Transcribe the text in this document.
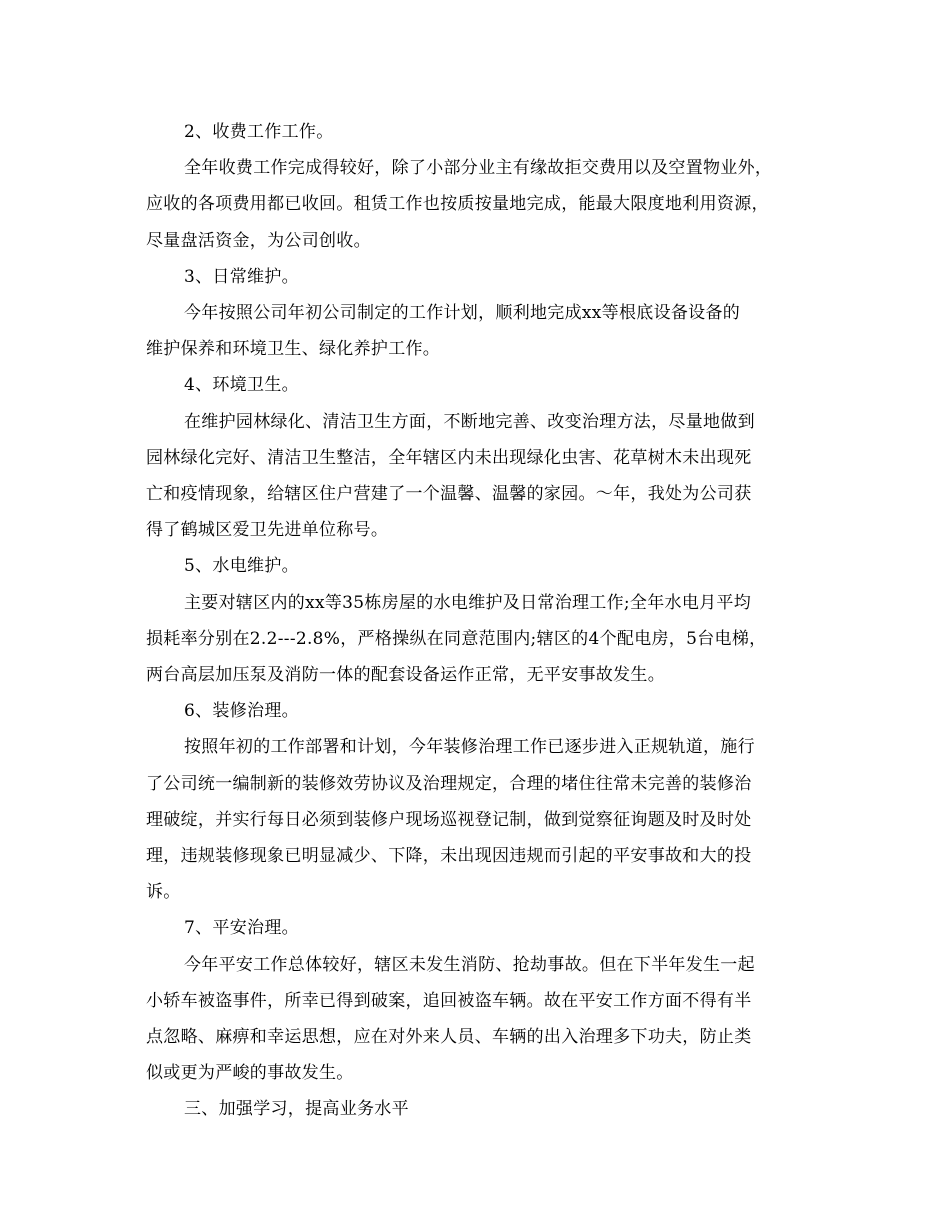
2、收费工作工作。

全年收费工作完成得较好，除了小部分业主有缘故拒交费用以及空置物业外，
应收的各项费用都已收回。租赁工作也按质按量地完成，能最大限度地利用资源，
尽量盘活资金，为公司创收。

3、日常维护。

今年按照公司年初公司制定的工作计划，顺利地完成xx等根底设备设备的
维护保养和环境卫生、绿化养护工作。

4、环境卫生。

在维护园林绿化、清洁卫生方面，不断地完善、改变治理方法，尽量地做到
园林绿化完好、清洁卫生整洁，全年辖区内未出现绿化虫害、花草树木未出现死
亡和疫情现象，给辖区住户营建了一个温馨、温馨的家园。～年，我处为公司获
得了鹤城区爱卫先进单位称号。

5、水电维护。

主要对辖区内的xx等35栋房屋的水电维护及日常治理工作;全年水电月平均
损耗率分别在2.2---2.8%，严格操纵在同意范围内;辖区的4个配电房，5台电梯，
两台高层加压泵及消防一体的配套设备运作正常，无平安事故发生。

6、装修治理。

按照年初的工作部署和计划，今年装修治理工作已逐步进入正规轨道，施行
了公司统一编制新的装修效劳协议及治理规定，合理的堵住往常未完善的装修治
理破绽，并实行每日必须到装修户现场巡视登记制，做到觉察征询题及时及时处
理，违规装修现象已明显减少、下降，未出现因违规而引起的平安事故和大的投
诉。

7、平安治理。

今年平安工作总体较好，辖区未发生消防、抢劫事故。但在下半年发生一起
小轿车被盗事件，所幸已得到破案，追回被盗车辆。故在平安工作方面不得有半
点忽略、麻痹和幸运思想，应在对外来人员、车辆的出入治理多下功夫，防止类
似或更为严峻的事故发生。

三、加强学习，提高业务水平
